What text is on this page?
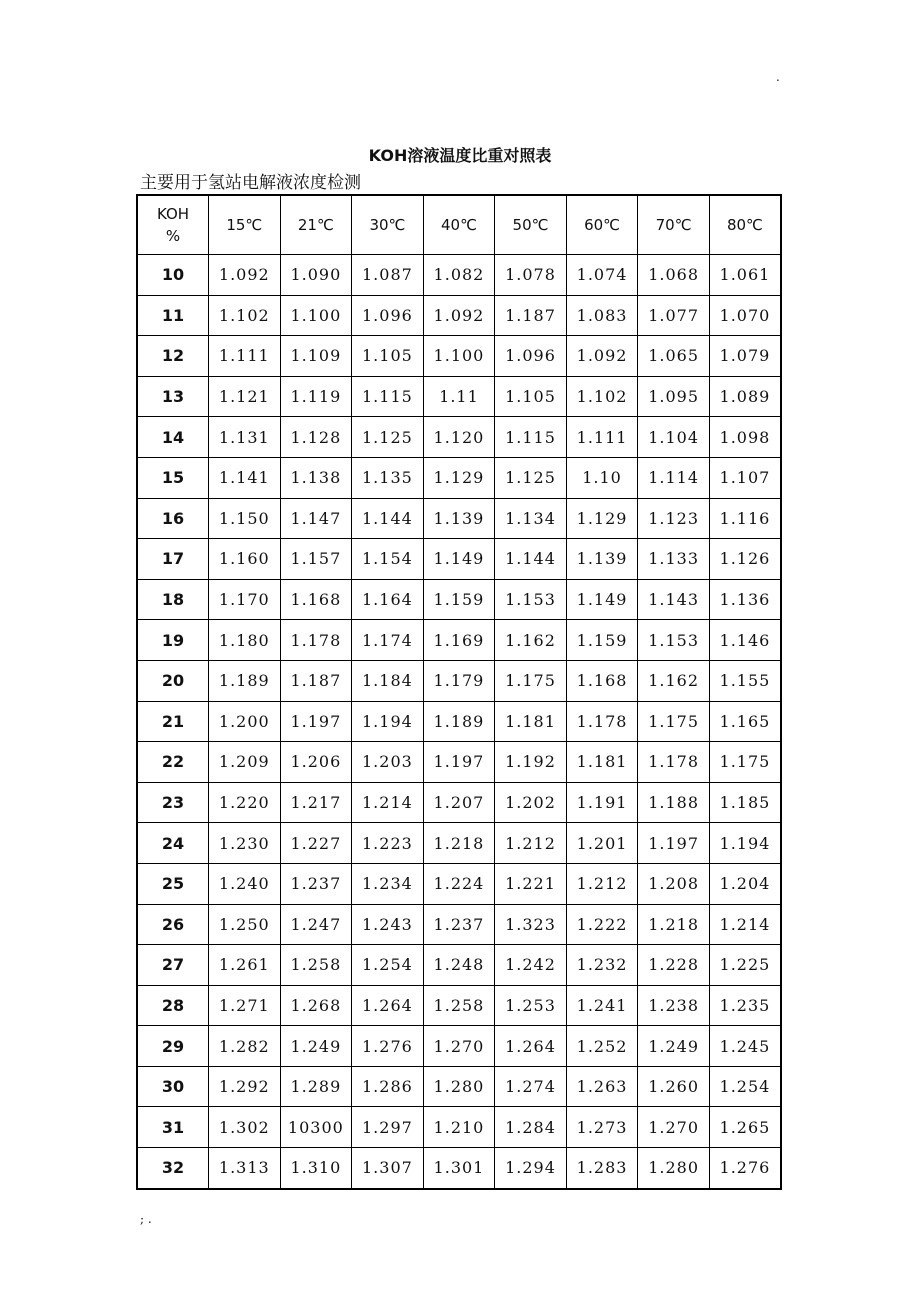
.
KOH溶液温度比重对照表
主要用于氢站电解液浓度检测
KOH
%	15℃	21℃	30℃	40℃	50℃	60℃	70℃	80℃
10	1.092	1.090	1.087	1.082	1.078	1.074	1.068	1.061
11	1.102	1.100	1.096	1.092	1.187	1.083	1.077	1.070
12	1.111	1.109	1.105	1.100	1.096	1.092	1.065	1.079
13	1.121	1.119	1.115	1.11	1.105	1.102	1.095	1.089
14	1.131	1.128	1.125	1.120	1.115	1.111	1.104	1.098
15	1.141	1.138	1.135	1.129	1.125	1.10	1.114	1.107
16	1.150	1.147	1.144	1.139	1.134	1.129	1.123	1.116
17	1.160	1.157	1.154	1.149	1.144	1.139	1.133	1.126
18	1.170	1.168	1.164	1.159	1.153	1.149	1.143	1.136
19	1.180	1.178	1.174	1.169	1.162	1.159	1.153	1.146
20	1.189	1.187	1.184	1.179	1.175	1.168	1.162	1.155
21	1.200	1.197	1.194	1.189	1.181	1.178	1.175	1.165
22	1.209	1.206	1.203	1.197	1.192	1.181	1.178	1.175
23	1.220	1.217	1.214	1.207	1.202	1.191	1.188	1.185
24	1.230	1.227	1.223	1.218	1.212	1.201	1.197	1.194
25	1.240	1.237	1.234	1.224	1.221	1.212	1.208	1.204
26	1.250	1.247	1.243	1.237	1.323	1.222	1.218	1.214
27	1.261	1.258	1.254	1.248	1.242	1.232	1.228	1.225
28	1.271	1.268	1.264	1.258	1.253	1.241	1.238	1.235
29	1.282	1.249	1.276	1.270	1.264	1.252	1.249	1.245
30	1.292	1.289	1.286	1.280	1.274	1.263	1.260	1.254
31	1.302	10300	1.297	1.210	1.284	1.273	1.270	1.265
32	1.313	1.310	1.307	1.301	1.294	1.283	1.280	1.276
; .
